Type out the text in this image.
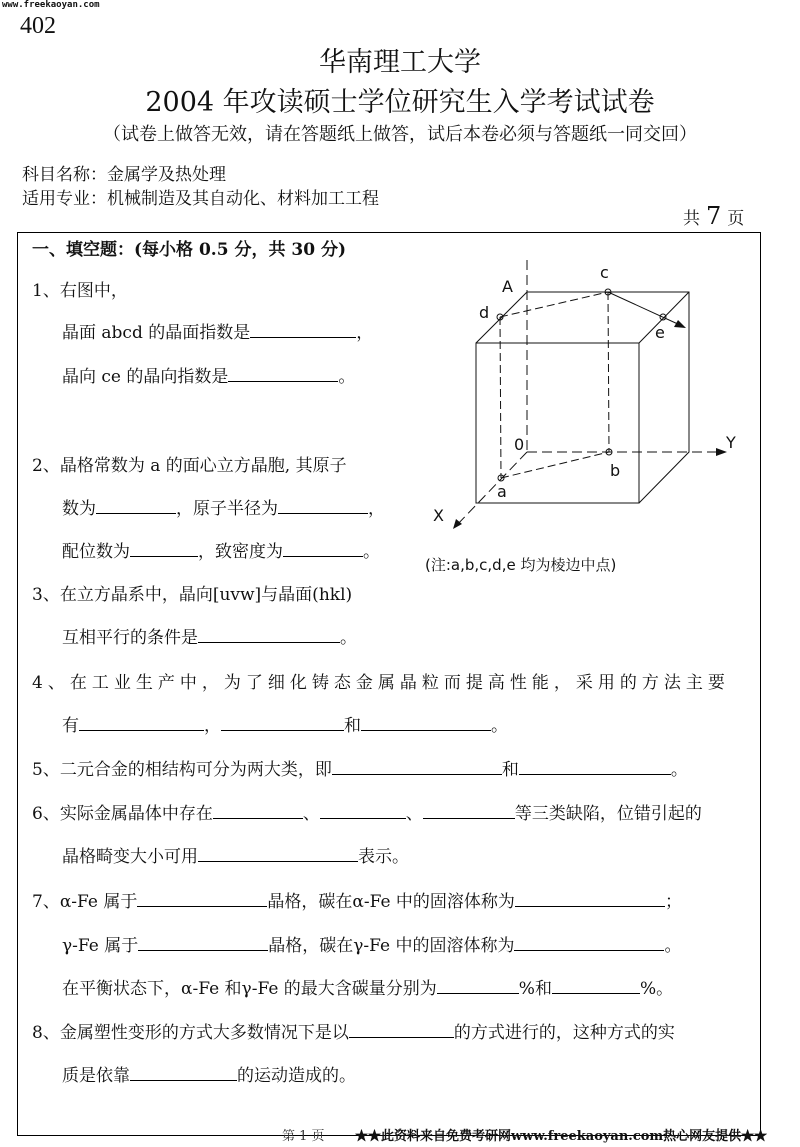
www.freekaoyan.com
402
华南理工大学
2004 年攻读硕士学位研究生入学考试试卷
（试卷上做答无效，请在答题纸上做答，试后本卷必须与答题纸一同交回）
科目名称：金属学及热处理
适用专业：机械制造及其自动化、材料加工工程
共 7 页
一、填空题：(每小格 0.5 分，共 30 分)
1、右图中，
晶面 abcd 的晶面指数是	，
晶向 ce 的晶向指数是	。
2、晶格常数为 a 的面心立方晶胞, 其原子
数为	，原子半径为	，
配位数为	，致密度为	。
3、在立方晶系中，晶向[uvw]与晶面(hkl)
互相平行的条件是	。
4、在工业生产中，为了细化铸态金属晶粒而提高性能，采用的方法主要
有	，	和	。
5、二元合金的相结构可分为两大类，即	和	。
6、实际金属晶体中存在	、	、	等三类缺陷，位错引起的
晶格畸变大小可用	表示。
7、α-Fe 属于	晶格，碳在α-Fe 中的固溶体称为	；
γ-Fe 属于	晶格，碳在γ-Fe 中的固溶体称为	。
在平衡状态下，α-Fe 和γ-Fe 的最大含碳量分别为	%和	%。
8、金属塑性变形的方式大多数情况下是以	的方式进行的，这种方式的实
质是依靠	的运动造成的。
A
c
d
e
0	Y
b
a
X
(注:a,b,c,d,e 均为棱边中点)
第 1 页 ★★此资料来自免费考研网www.freekaoyan.com热心网友提供★★
